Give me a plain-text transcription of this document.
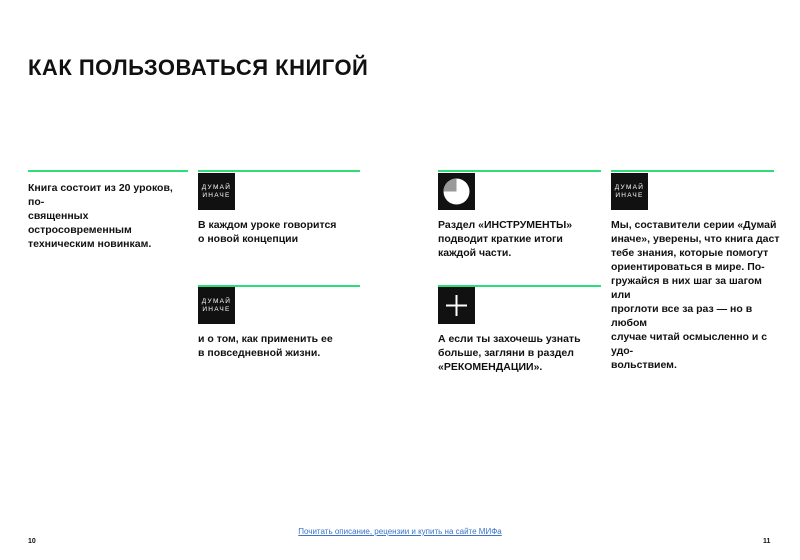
КАК ПОЛЬЗОВАТЬСЯ КНИГОЙ
Книга состоит из 20 уроков, по-
священных остросовременным
техническим новинкам.
ДУМАЙ
ИНАЧЕ
В каждом уроке говорится
о новой концепции
ДУМАЙ
ИНАЧЕ
и о том, как применить ее
в повседневной жизни.
Раздел «ИНСТРУМЕНТЫ»
подводит краткие итоги
каждой части.
А если ты захочешь узнать
больше, загляни в раздел
«РЕКОМЕНДАЦИИ».
ДУМАЙ
ИНАЧЕ
Мы, составители серии «Думай
иначе», уверены, что книга даст
тебе знания, которые помогут
ориентироваться в мире. По-
гружайся в них шаг за шагом или
проглоти все за раз — но в любом
случае читай осмысленно и с удо-
вольствием.
Почитать описание, рецензии и купить на сайте МИФа
10	11
